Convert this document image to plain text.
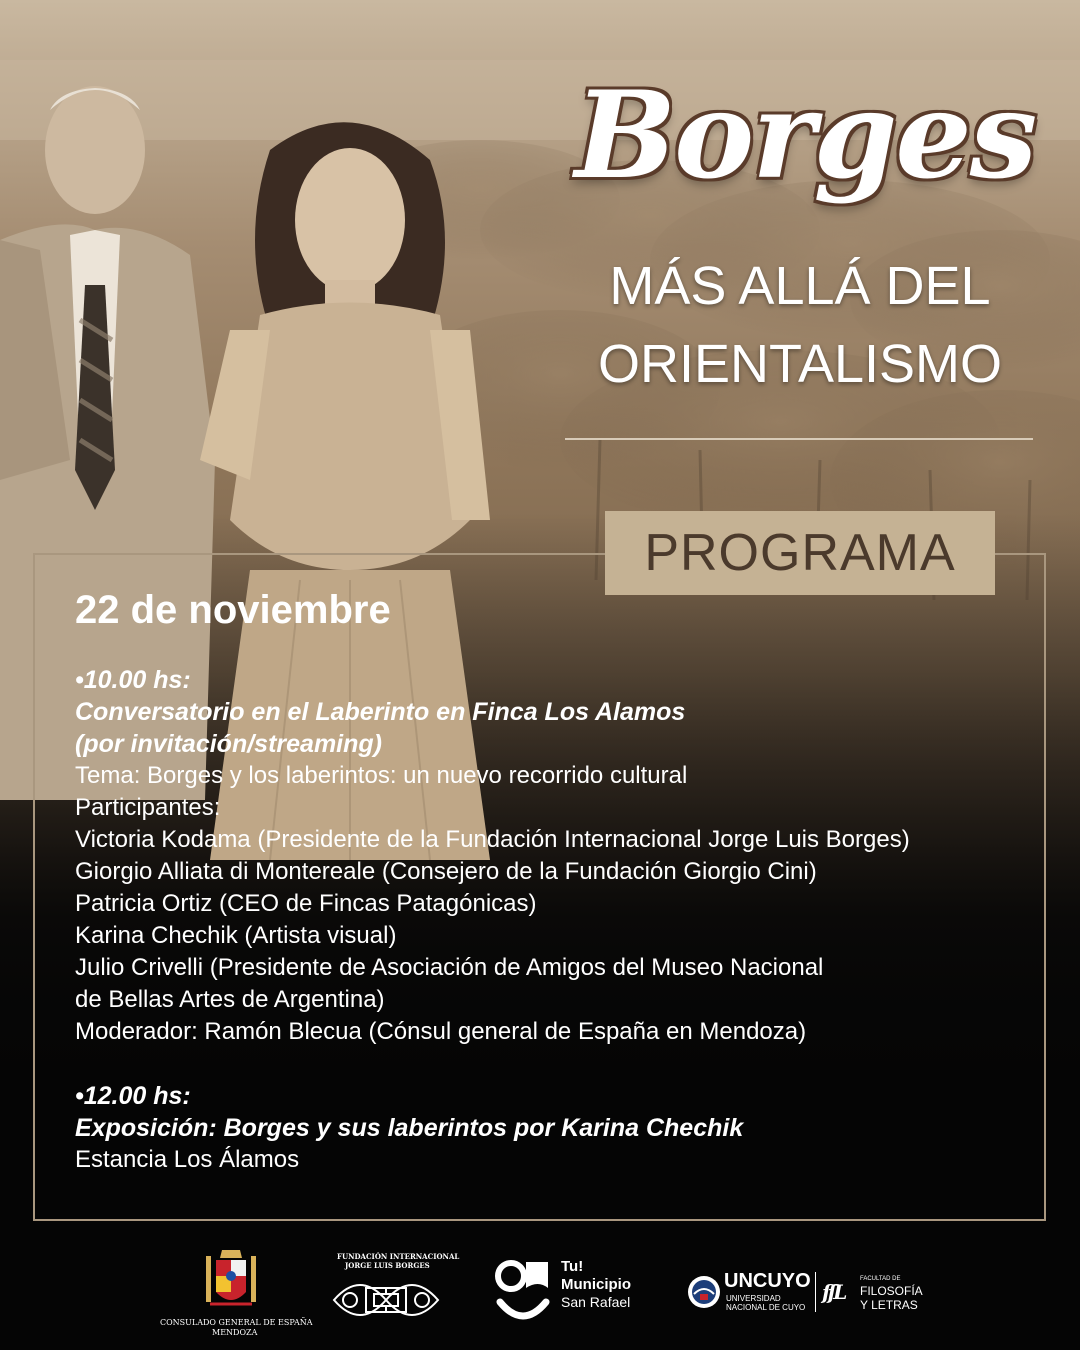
Borges
MÁS ALLÁ DEL
ORIENTALISMO
PROGRAMA
22 de noviembre
•10.00 hs:
Conversatorio en el Laberinto en Finca Los Alamos
(por invitación/streaming)
Tema: Borges y los laberintos: un nuevo recorrido cultural
Participantes:
Victoria Kodama (Presidente de la Fundación Internacional Jorge Luis Borges)
Giorgio Alliata di Montereale (Consejero de la Fundación Giorgio Cini)
Patricia Ortiz (CEO de Fincas Patagónicas)
Karina Chechik (Artista visual)
Julio Crivelli (Presidente de Asociación de Amigos del Museo Nacional
de Bellas Artes de Argentina)
Moderador: Ramón Blecua (Cónsul general de España en Mendoza)
•12.00 hs:
Exposición: Borges y sus laberintos por Karina Chechik
Estancia Los Álamos
CONSULADO GENERAL DE ESPAÑA
MENDOZA
FUNDACIÓN INTERNACIONAL
JORGE LUIS BORGES	Tu!
Municipio
San Rafael
UNCUYO
UNIVERSIDAD
NACIONAL DE CUYO
ſſL
FACULTAD DE
FILOSOFÍA
Y LETRAS
